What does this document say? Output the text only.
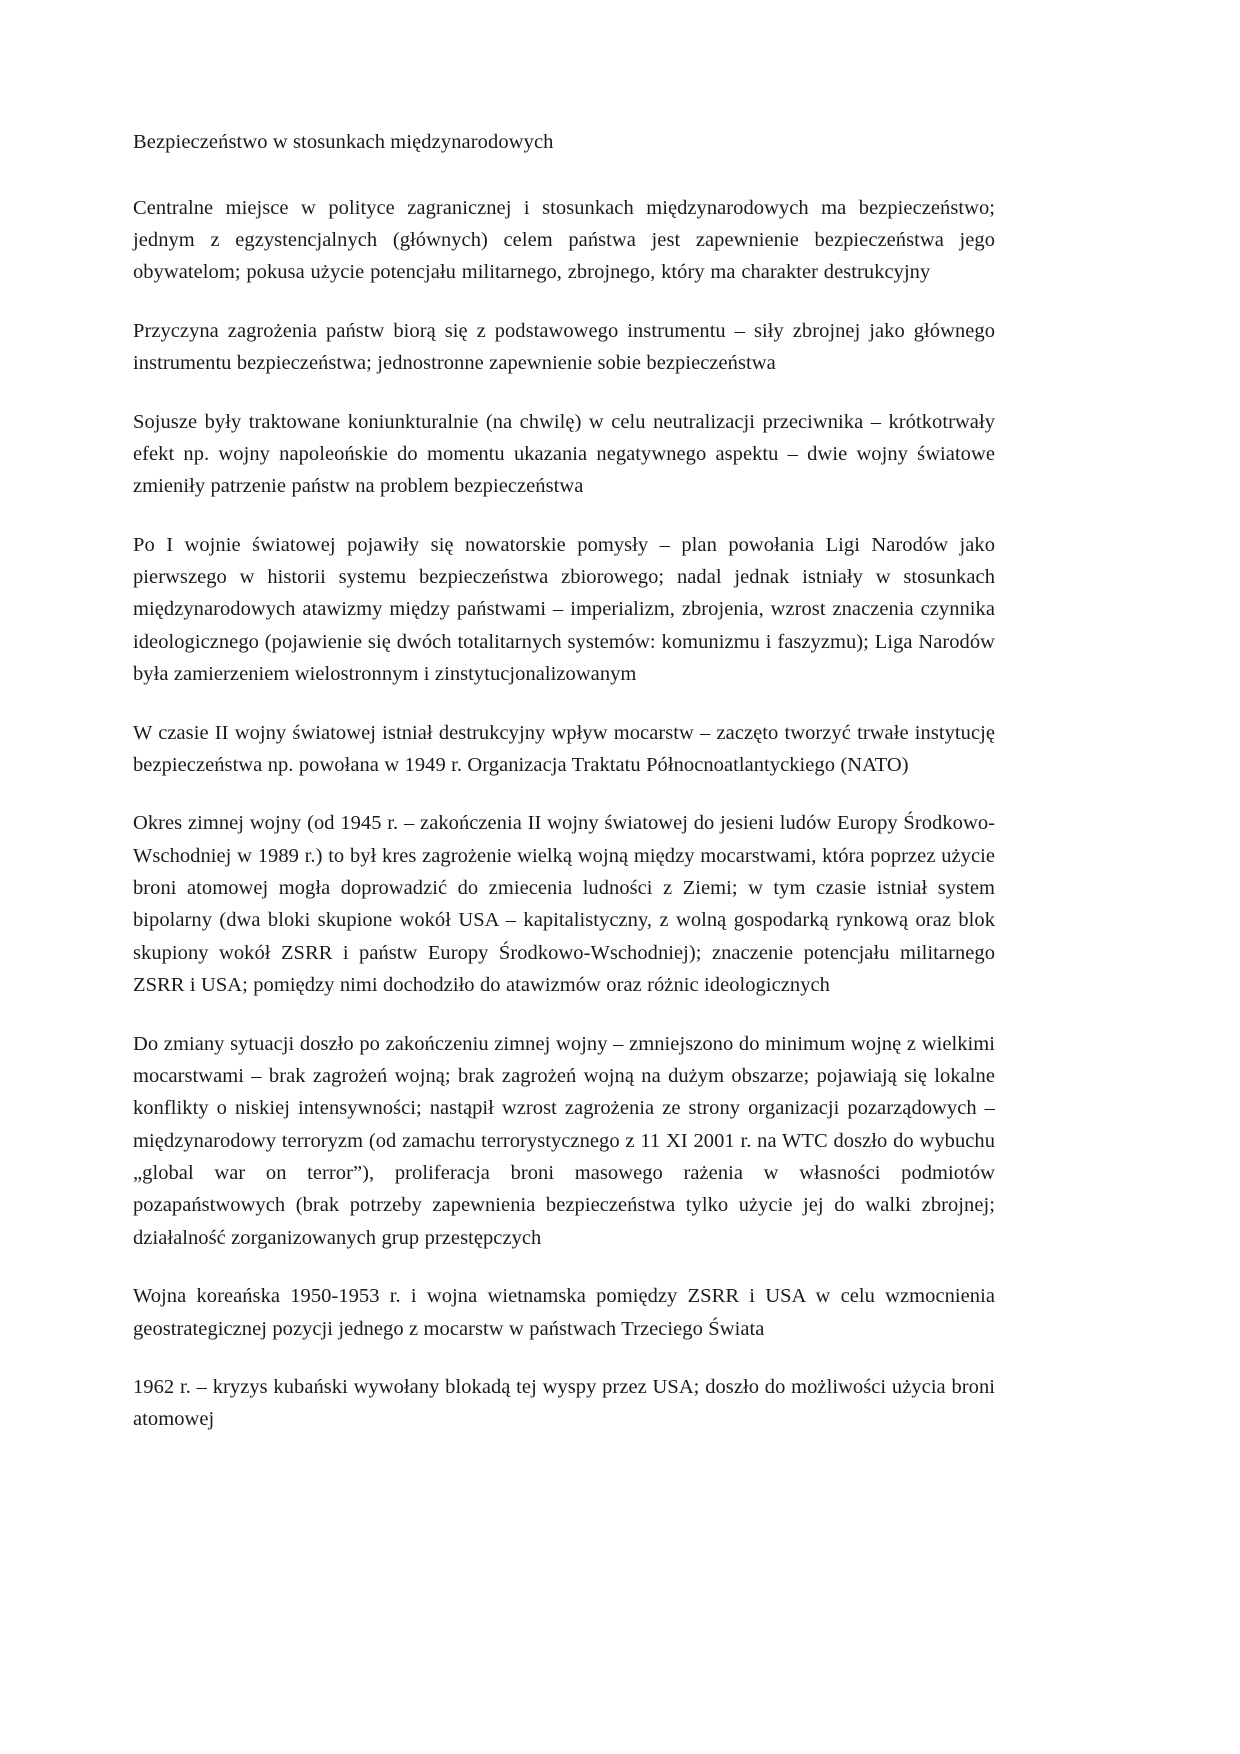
Bezpieczeństwo w stosunkach międzynarodowych

Centralne miejsce w polityce zagranicznej i stosunkach międzynarodowych ma bezpieczeństwo; jednym z egzystencjalnych (głównych) celem państwa jest zapewnienie bezpieczeństwa jego obywatelom; pokusa użycie potencjału militarnego, zbrojnego, który ma charakter destrukcyjny

Przyczyna zagrożenia państw biorą się z podstawowego instrumentu – siły zbrojnej jako głównego instrumentu bezpieczeństwa; jednostronne zapewnienie sobie bezpieczeństwa

Sojusze były traktowane koniunkturalnie (na chwilę) w celu neutralizacji przeciwnika – krótkotrwały efekt np. wojny napoleońskie do momentu ukazania negatywnego aspektu – dwie wojny światowe zmieniły patrzenie państw na problem bezpieczeństwa

Po I wojnie światowej pojawiły się nowatorskie pomysły – plan powołania Ligi Narodów jako pierwszego w historii systemu bezpieczeństwa zbiorowego; nadal jednak istniały w stosunkach międzynarodowych atawizmy między państwami – imperializm, zbrojenia, wzrost znaczenia czynnika ideologicznego (pojawienie się dwóch totalitarnych systemów: komunizmu i faszyzmu); Liga Narodów była zamierzeniem wielostronnym i zinstytucjonalizowanym

W czasie II wojny światowej istniał destrukcyjny wpływ mocarstw – zaczęto tworzyć trwałe instytucję bezpieczeństwa np. powołana w 1949 r. Organizacja Traktatu Północnoatlantyckiego (NATO)

Okres zimnej wojny (od 1945 r. – zakończenia II wojny światowej do jesieni ludów Europy Środkowo- Wschodniej w 1989 r.) to był kres zagrożenie wielką wojną między mocarstwami, która poprzez użycie broni atomowej mogła doprowadzić do zmiecenia ludności z Ziemi; w tym czasie istniał system bipolarny (dwa bloki skupione wokół USA – kapitalistyczny, z wolną gospodarką rynkową oraz blok skupiony wokół ZSRR i państw Europy Środkowo-Wschodniej); znaczenie potencjału militarnego ZSRR i USA; pomiędzy nimi dochodziło do atawizmów oraz różnic ideologicznych

Do zmiany sytuacji doszło po zakończeniu zimnej wojny – zmniejszono do minimum wojnę z wielkimi mocarstwami – brak zagrożeń wojną; brak zagrożeń wojną na dużym obszarze; pojawiają się lokalne konflikty o niskiej intensywności; nastąpił wzrost zagrożenia ze strony organizacji pozarządowych – międzynarodowy terroryzm (od zamachu terrorystycznego z 11 XI 2001 r. na WTC doszło do wybuchu „global war on terror”), proliferacja broni masowego rażenia w własności podmiotów pozapaństwowych (brak potrzeby zapewnienia bezpieczeństwa tylko użycie jej do walki zbrojnej; działalność zorganizowanych grup przestępczych

Wojna koreańska 1950-1953 r. i wojna wietnamska pomiędzy ZSRR i USA w celu wzmocnienia geostrategicznej pozycji jednego z mocarstw w państwach Trzeciego Świata

1962 r. – kryzys kubański wywołany blokadą tej wyspy przez USA; doszło do możliwości użycia broni atomowej
